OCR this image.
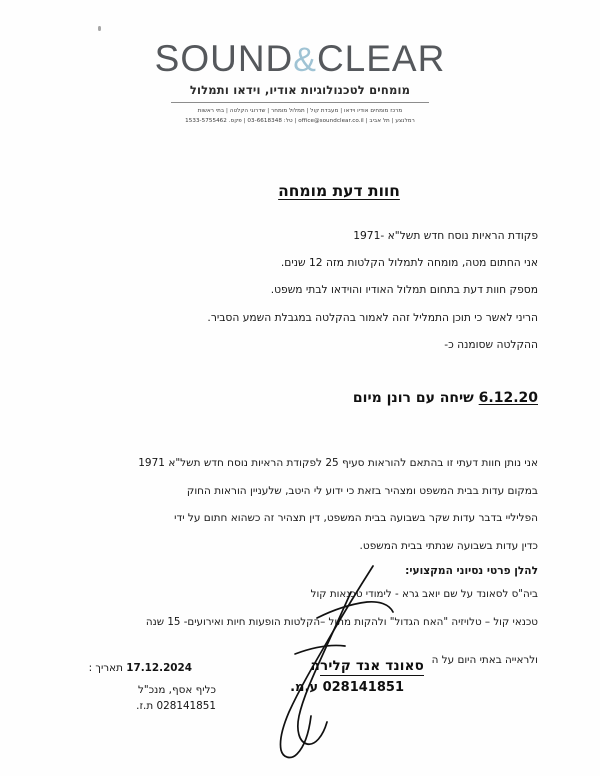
SOUND&CLEAR
מומחים לטכנולוגיות אודיו, וידאו ותמלול
מרכז מומחים אודיו וידאו | מעבדת קול | תמלול מומחר | שדרוגי הקלטה | בתי ראשות
טל: 03-6618348 | פקס. 1533-5755462 | office@soundclear.co.il | רמלנצע | תל אביב
חוות דעת מומחה

פקודת הראיות נוסח חדש תשל"א -1971

אני החתום מטה, מומחה לתמלול הקלטות מזה 12 שנים.

מספק חוות דעת בתחום תמלול האודיו והוידאו לבתי משפט.

הריני לאשר כי תוכן התמליל זהה לאמור בהקלטה במגבלת השמע הסביר.

ההקלטה שסומנה כ-

6.12.20 שיחה עם רונן מיום

אני נותן חוות דעתי זו בהתאם להוראות סעיף 25 לפקודת הראיות נוסח חדש תשל"א 1971

במקום עדות בבית המשפט ומצהיר בזאת כי ידוע לי היטב, שלעניין הוראות החוק

הפליליי בדבר עדות שקר בשבועה בבית המשפט, דין תצהיר זה כשהוא חתום על ידי

כדין עדות בשבועה שנתתי בבית המשפט.

להלן פרטי נסיוני המקצועי:

ביה"ס לסאונד על שם יואב גרא - לימודי טכנאות קול

טכנאי קול – טלויזיה "האח הגדול" ולהקות מתול –הקלטות הופעות חיות ואירועים- 15 שנה

ולראייה באתי היום על ה
17.12.2024 תאריך :	סאונד אנד קלירה
028141851 ע.מ.
כליף אסף, מנכ"ל
028141851 ת.ז.
